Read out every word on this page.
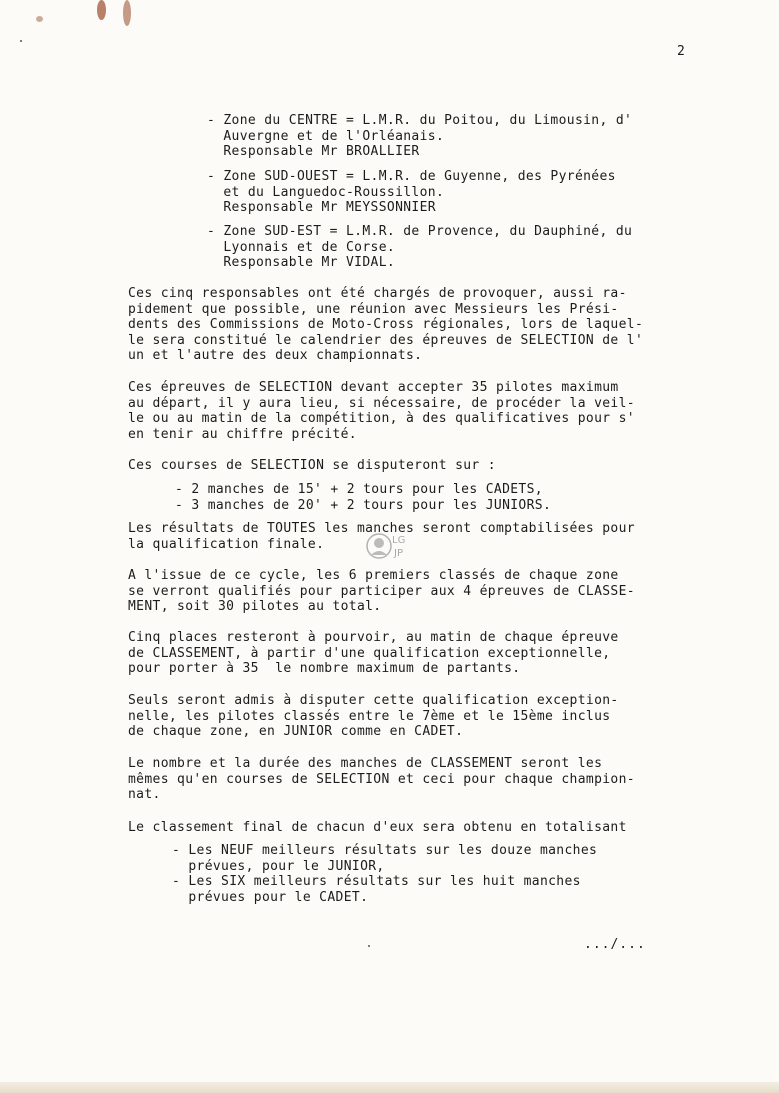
2
- Zone du CENTRE = L.M.R. du Poitou, du Limousin, d'
Auvergne et de l'Orléanais.
Responsable Mr BROALLIER
- Zone SUD-OUEST = L.M.R. de Guyenne, des Pyrénées
et du Languedoc-Roussillon.
Responsable Mr MEYSSONNIER
- Zone SUD-EST = L.M.R. de Provence, du Dauphiné, du
Lyonnais et de Corse.
Responsable Mr VIDAL.
Ces cinq responsables ont été chargés de provoquer, aussi ra-
pidement que possible, une réunion avec Messieurs les Prési-
dents des Commissions de Moto-Cross régionales, lors de laquel-
le sera constitué le calendrier des épreuves de SELECTION de l'
un et l'autre des deux championnats.
Ces épreuves de SELECTION devant accepter 35 pilotes maximum
au départ, il y aura lieu, si nécessaire, de procéder la veil-
le ou au matin de la compétition, à des qualificatives pour s'
en tenir au chiffre précité.
Ces courses de SELECTION se disputeront sur :
- 2 manches de 15' + 2 tours pour les CADETS,
- 3 manches de 20' + 2 tours pour les JUNIORS.
Les résultats de TOUTES les manches seront comptabilisées pour
la qualification finale.
A l'issue de ce cycle, les 6 premiers classés de chaque zone
se verront qualifiés pour participer aux 4 épreuves de CLASSE-
MENT, soit 30 pilotes au total.
Cinq places resteront à pourvoir, au matin de chaque épreuve
de CLASSEMENT, à partir d'une qualification exceptionnelle,
pour porter à 35  le nombre maximum de partants.
Seuls seront admis à disputer cette qualification exception-
nelle, les pilotes classés entre le 7ème et le 15ème inclus
de chaque zone, en JUNIOR comme en CADET.
Le nombre et la durée des manches de CLASSEMENT seront les
mêmes qu'en courses de SELECTION et ceci pour chaque champion-
nat.
Le classement final de chacun d'eux sera obtenu en totalisant
- Les NEUF meilleurs résultats sur les douze manches
prévues, pour le JUNIOR,
- Les SIX meilleurs résultats sur les huit manches
prévues pour le CADET.
.../...
LG
JP
